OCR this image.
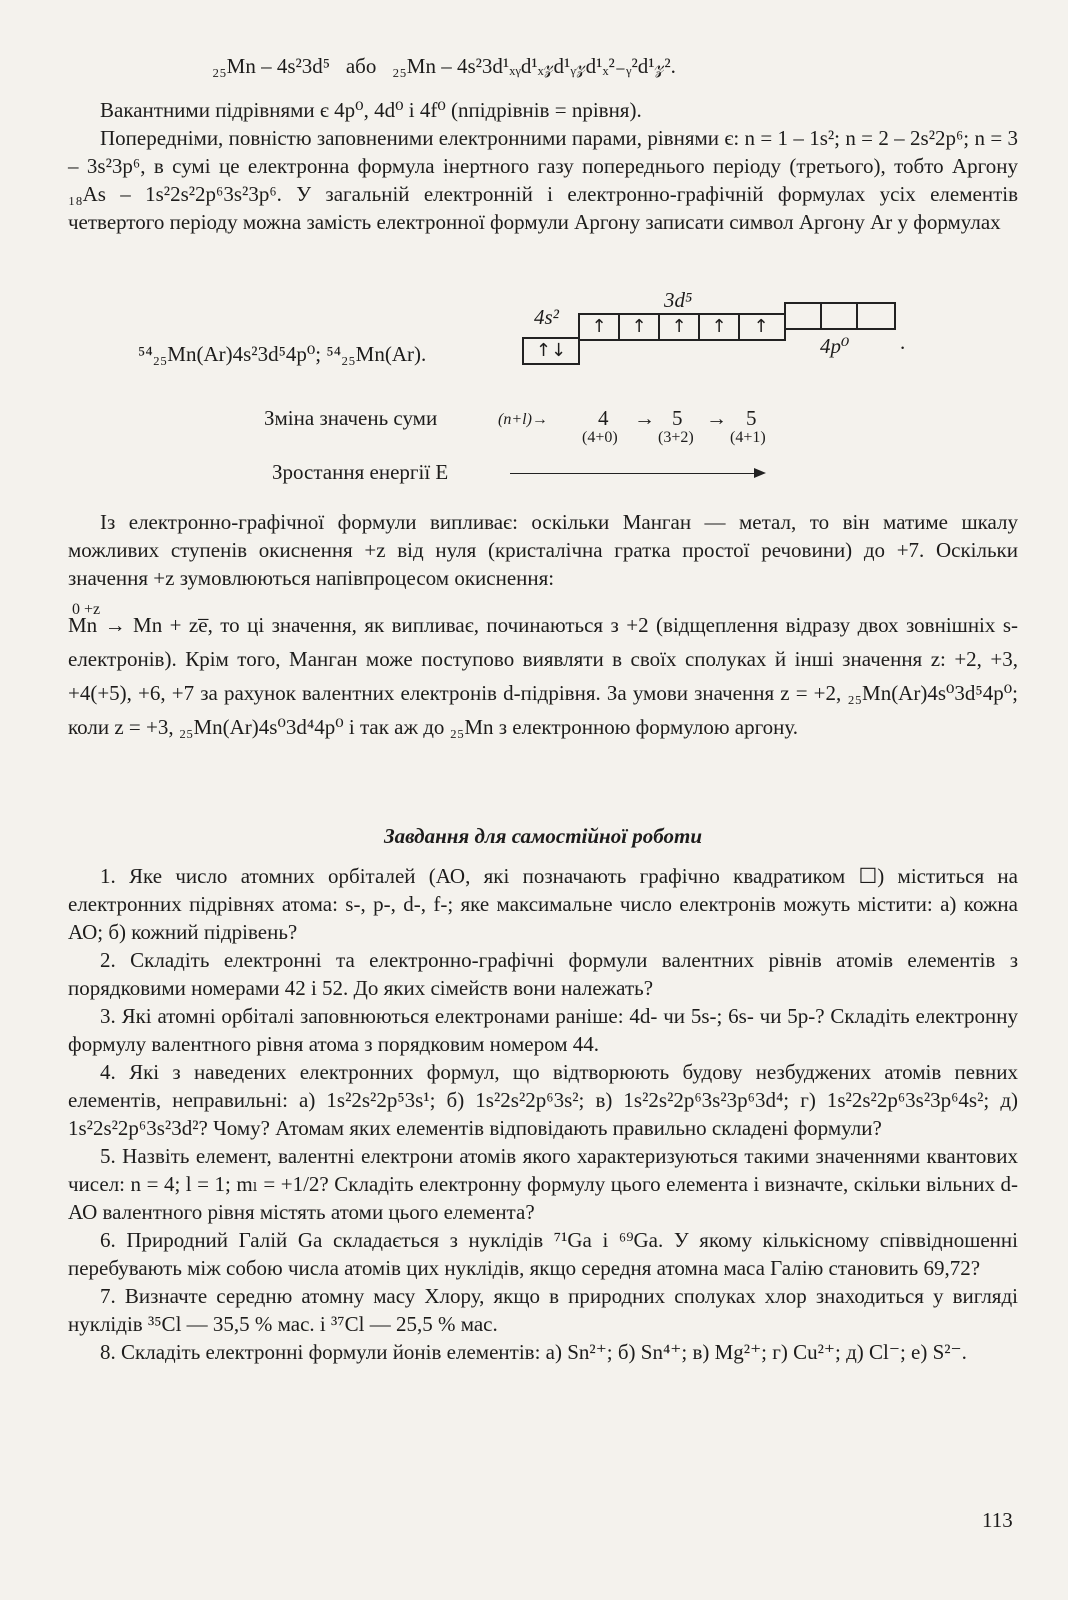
₂₅Mn – 4s²3d⁵ або ₂₅Mn – 4s²3d¹ₓᵧd¹ₓ𝓏d¹ᵧ𝓏d¹ₓ²₋ᵧ²d¹𝓏².

Вакантними підрівнями є 4p⁰, 4d⁰ і 4f⁰ (nпідрівнів = nрівня).

Попередніми, повністю заповненими електронними парами, рівнями є: n = 1 – 1s²; n = 2 – 2s²2p⁶; n = 3 – 3s²3p⁶, в сумі це електронна формула інертного газу попереднього періоду (третього), тобто Аргону ₁₈As – 1s²2s²2p⁶3s²3p⁶. У загальній електронній і електронно-графічній формулах усіх елементів четвертого періоду можна замість електронної формули Аргону записати символ Аргону Ar у формулах

⁵⁴₂₅Mn(Ar)4s²3d⁵4p⁰; ⁵⁴₂₅Mn(Ar).

4s²
3d⁵
4p⁰
↑↓
↑	↑	↑	↑	↑
.
Зміна значень суми	(n+l)→ 4 → 5 → 5
(4+0)	(3+2) (4+1)
Зростання енергії E

Із електронно-графічної формули випливає: оскільки Манган — метал, то він матиме шкалу можливих ступенів окиснення +z від нуля (кристалічна гратка простої речовини) до +7. Оскільки значення +z зумовлюються напівпроцесом окиснення:

0 +z

Mn → Mn + ze̅, то ці значення, як випливає, починаються з +2 (відщеплення відразу двох зовнішніх s-електронів). Крім того, Манган може поступово виявляти в своїх сполуках й інші значення z: +2, +3, +4(+5), +6, +7 за рахунок валентних електронів d-підрівня. За умови значення z = +2, ₂₅Mn(Ar)4s⁰3d⁵4p⁰; коли z = +3, ₂₅Mn(Ar)4s⁰3d⁴4p⁰ і так аж до ₂₅Mn з електронною формулою аргону.

Завдання для самостійної роботи

1. Яке число атомних орбіталей (АО, які позначають графічно квадратиком ☐) міститься на електронних підрівнях атома: s-, p-, d-, f-; яке максимальне число електронів можуть містити: а) кожна АО; б) кожний підрівень?

2. Складіть електронні та електронно-графічні формули валентних рівнів атомів елементів з порядковими номерами 42 і 52. До яких сімейств вони належать?

3. Які атомні орбіталі заповнюються електронами раніше: 4d- чи 5s-; 6s- чи 5p-? Складіть електронну формулу валентного рівня атома з порядковим номером 44.

4. Які з наведених електронних формул, що відтворюють будову незбуджених атомів певних елементів, неправильні: а) 1s²2s²2p⁵3s¹; б) 1s²2s²2p⁶3s²; в) 1s²2s²2p⁶3s²3p⁶3d⁴; г) 1s²2s²2p⁶3s²3p⁶4s²; д) 1s²2s²2p⁶3s²3d²? Чому? Атомам яких елементів відповідають правильно складені формули?

5. Назвіть елемент, валентні електрони атомів якого характеризуються такими значеннями квантових чисел: n = 4; l = 1; mₗ = +1/2? Складіть електронну формулу цього елемента і визначте, скільки вільних d-АО валентного рівня містять атоми цього елемента?

6. Природний Галій Ga складається з нуклідів ⁷¹Ga і ⁶⁹Ga. У якому кількісному співвідношенні перебувають між собою числа атомів цих нуклідів, якщо середня атомна маса Галію становить 69,72?

7. Визначте середню атомну масу Хлору, якщо в природних сполуках хлор знаходиться у вигляді нуклідів ³⁵Cl — 35,5 % мас. і ³⁷Cl — 25,5 % мас.

8. Складіть електронні формули йонів елементів: а) Sn²⁺; б) Sn⁴⁺; в) Mg²⁺; г) Cu²⁺; д) Cl⁻; е) S²⁻.

113
